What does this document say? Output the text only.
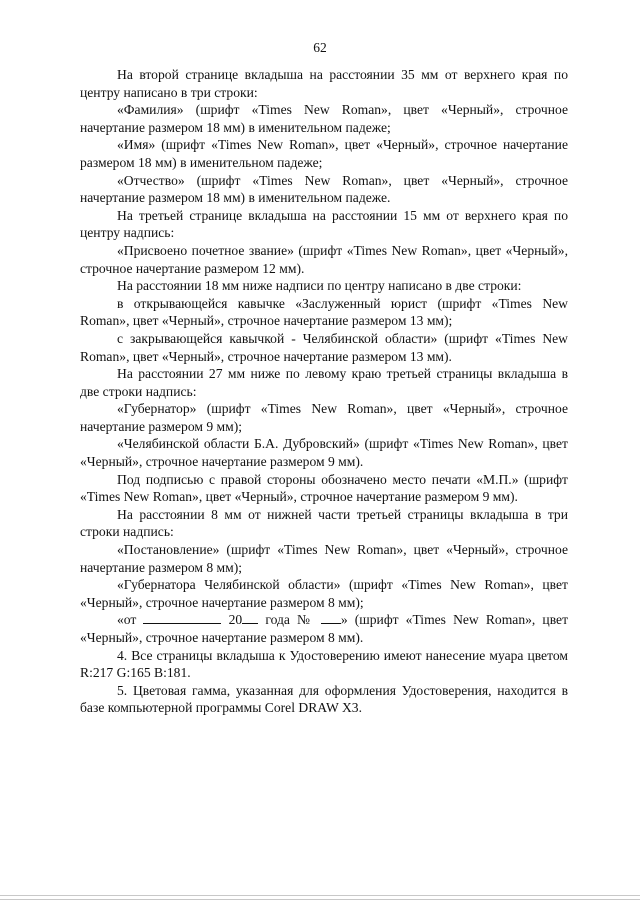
62

На второй странице вкладыша на расстоянии 35 мм от верхнего края по центру написано в три строки:

«Фамилия» (шрифт «Times New Roman», цвет «Черный», строчное начертание размером 18 мм) в именительном падеже;

«Имя» (шрифт «Times New Roman», цвет «Черный», строчное начертание размером 18 мм) в именительном падеже;

«Отчество» (шрифт «Times New Roman», цвет «Черный», строчное начертание размером 18 мм) в именительном падеже.

На третьей странице вкладыша на расстоянии 15 мм от верхнего края по центру надпись:

«Присвоено почетное звание» (шрифт «Times New Roman», цвет «Черный», строчное начертание размером 12 мм).

На расстоянии 18 мм ниже надписи по центру написано в две строки:

в открывающейся кавычке «Заслуженный юрист (шрифт «Times New Roman», цвет «Черный», строчное начертание размером 13 мм);

с закрывающейся кавычкой - Челябинской области» (шрифт «Times New Roman», цвет «Черный», строчное начертание размером 13 мм).

На расстоянии 27 мм ниже по левому краю третьей страницы вкладыша в две строки надпись:

«Губернатор» (шрифт «Times New Roman», цвет «Черный», строчное начертание размером 9 мм);

«Челябинской области Б.А. Дубровский» (шрифт «Times New Roman», цвет «Черный», строчное начертание размером 9 мм).

Под подписью с правой стороны обозначено место печати «М.П.» (шрифт «Times New Roman», цвет «Черный», строчное начертание размером 9 мм).

На расстоянии 8 мм от нижней части третьей страницы вкладыша в три строки надпись:

«Постановление» (шрифт «Times New Roman», цвет «Черный», строчное начертание размером 8 мм);

«Губернатора Челябинской области» (шрифт «Times New Roman», цвет «Черный», строчное начертание размером 8 мм);

«от	20 года № » (шрифт «Times New Roman», цвет «Черный», строчное начертание размером 8 мм).

4. Все страницы вкладыша к Удостоверению имеют нанесение муара цветом R:217 G:165 B:181.

5. Цветовая гамма, указанная для оформления Удостоверения, находится в базе компьютерной программы Corel DRAW X3.
